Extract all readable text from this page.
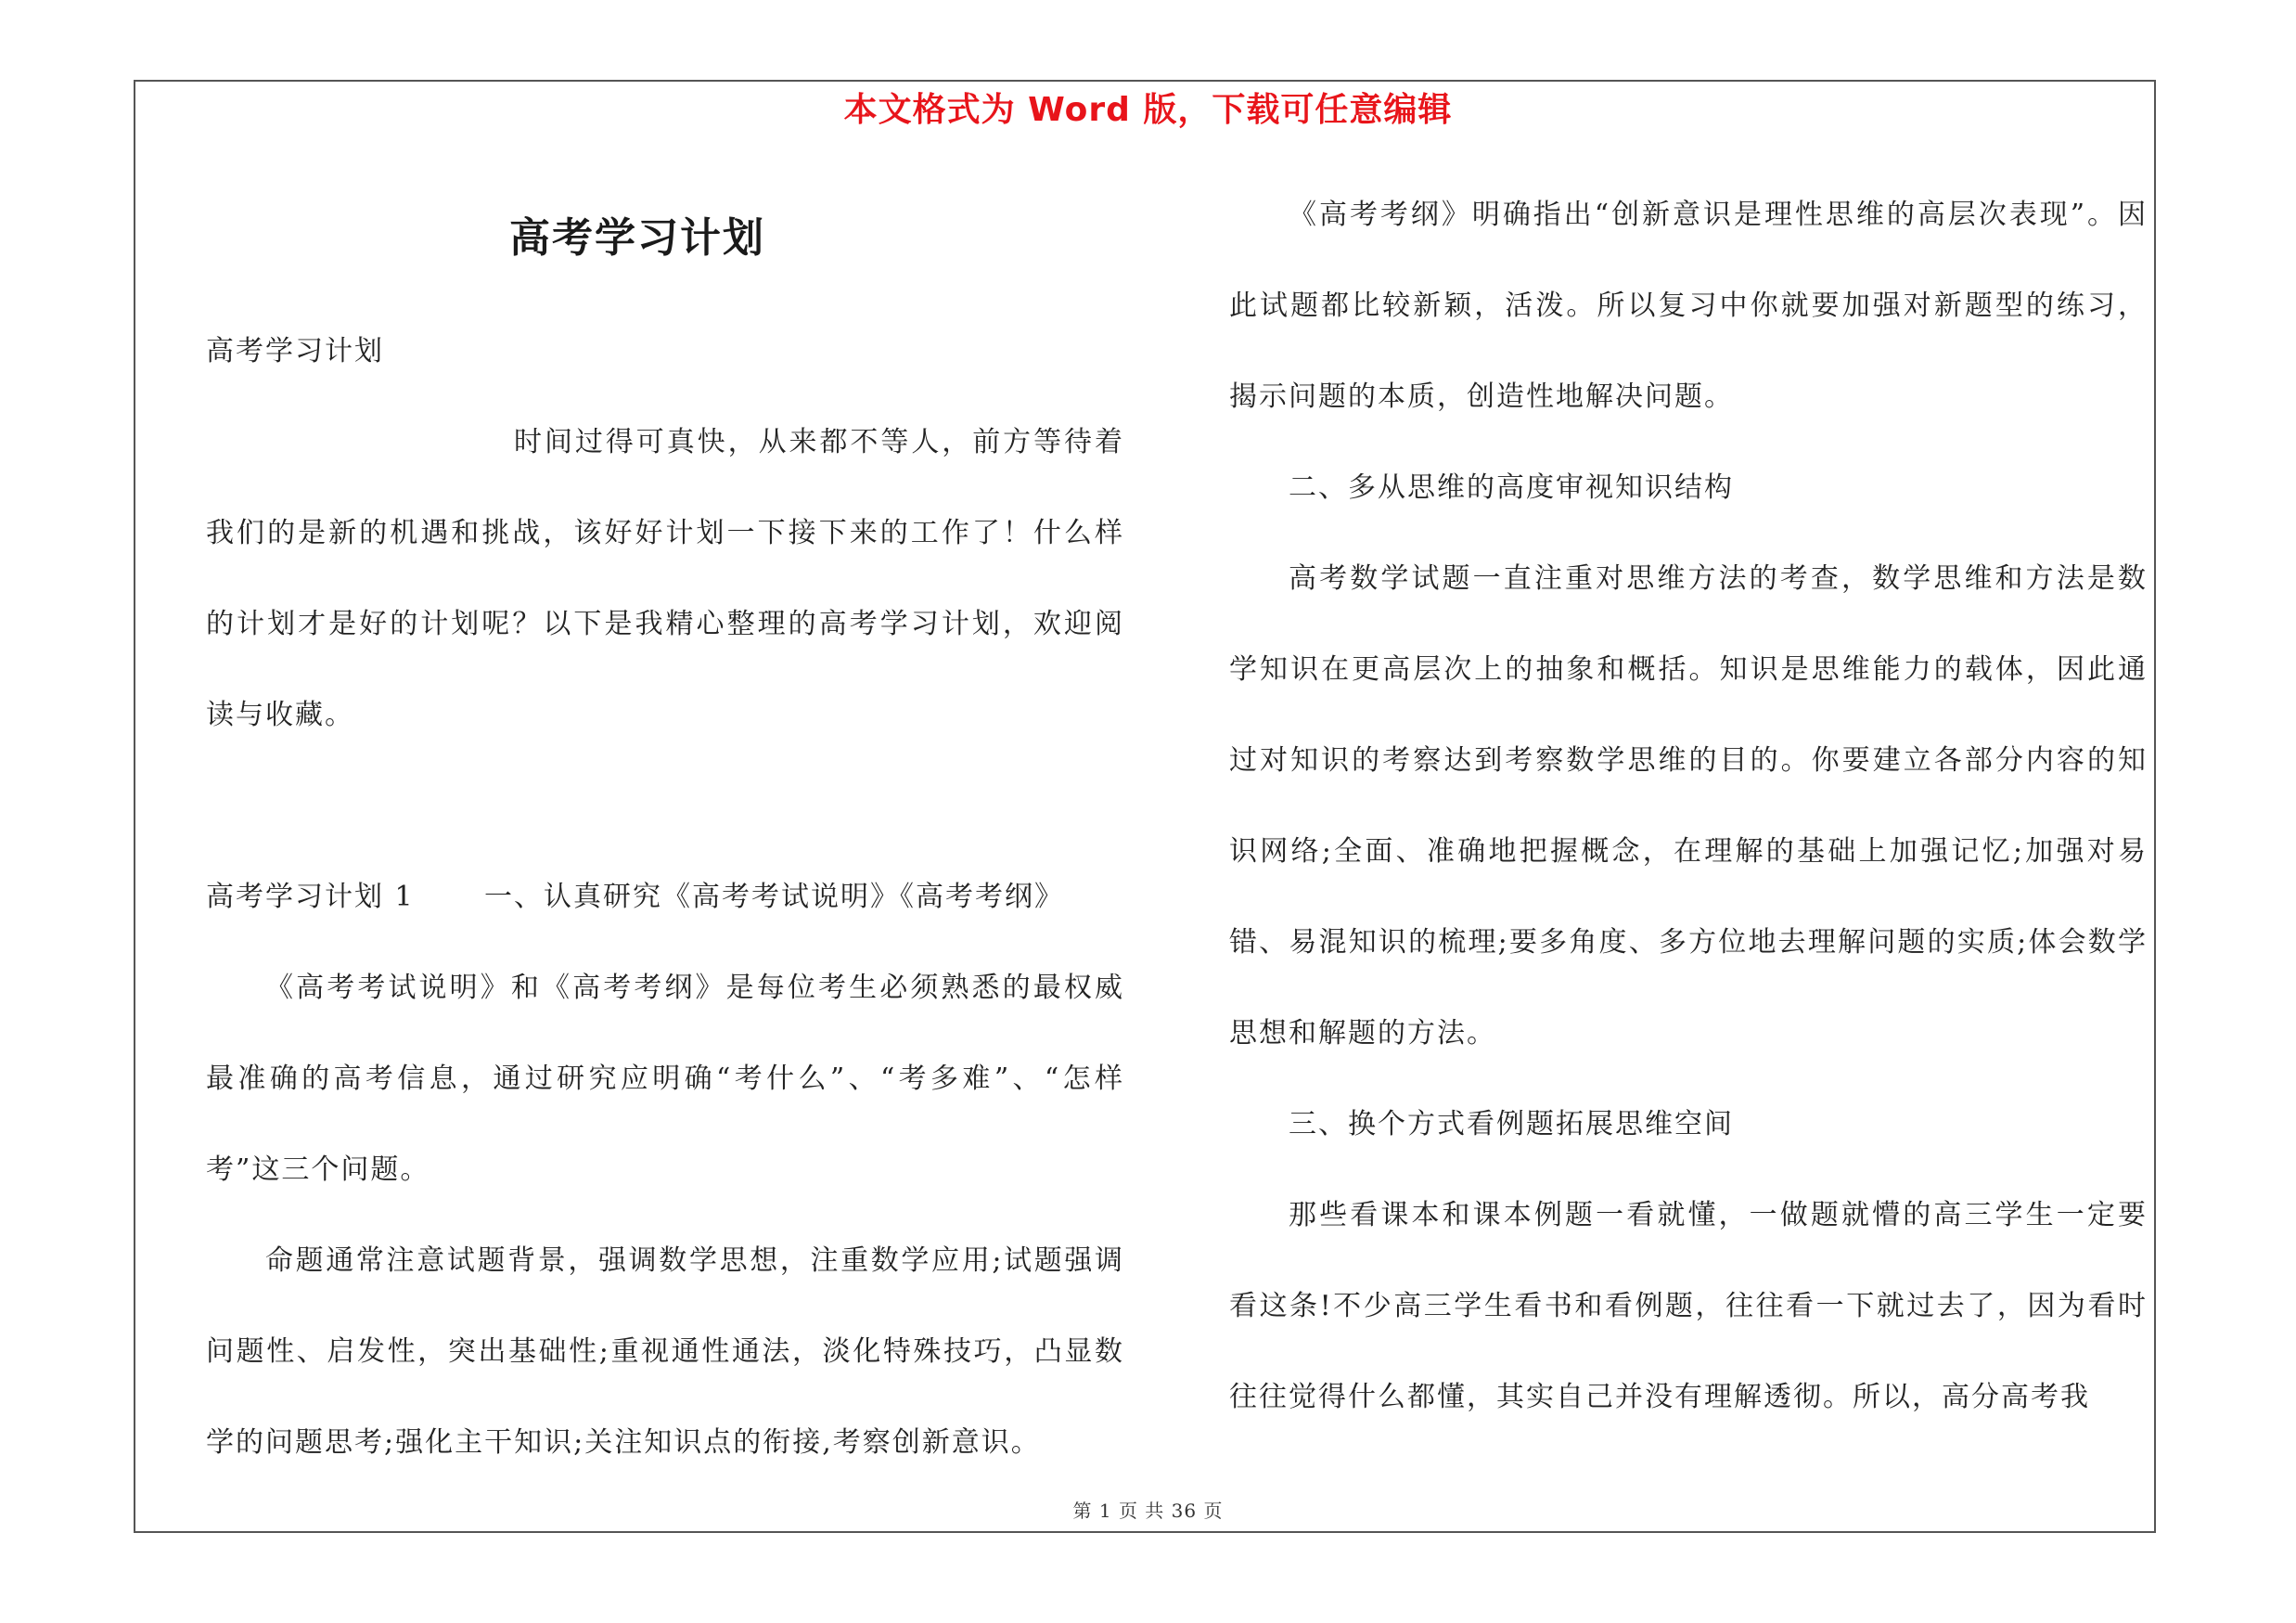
本文格式为 Word 版，下载可任意编辑
高考学习计划

高考学习计划

时间过得可真快，从来都不等人，前方等待着我们的是新的机遇和挑战，该好好计划一下接下来的工作了！什么样的计划才是好的计划呢？以下是我精心整理的高考学习计划，欢迎阅读与收藏。

高考学习计划 1	一、认真研究《高考考试说明》《高考考纲》

《高考考试说明》和《高考考纲》是每位考生必须熟悉的最权威最准确的高考信息，通过研究应明确“考什么”、“考多难”、“怎样考”这三个问题。

命题通常注意试题背景，强调数学思想，注重数学应用;试题强调问题性、启发性，突出基础性;重视通性通法，淡化特殊技巧，凸显数学的问题思考;强化主干知识;关注知识点的衔接,考察创新意识。

《高考考纲》明确指出“创新意识是理性思维的高层次表现”。因此试题都比较新颖，活泼。所以复习中你就要加强对新题型的练习，揭示问题的本质，创造性地解决问题。

二、多从思维的高度审视知识结构

高考数学试题一直注重对思维方法的考查，数学思维和方法是数学知识在更高层次上的抽象和概括。知识是思维能力的载体，因此通过对知识的考察达到考察数学思维的目的。你要建立各部分内容的知识网络;全面、准确地把握概念，在理解的基础上加强记忆;加强对易错、易混知识的梳理;要多角度、多方位地去理解问题的实质;体会数学思想和解题的方法。

三、换个方式看例题拓展思维空间

那些看课本和课本例题一看就懂，一做题就懵的高三学生一定要看这条!不少高三学生看书和看例题，往往看一下就过去了，因为看时往往觉得什么都懂，其实自己并没有理解透彻。所以，高分高考我

第 1 页 共 36 页
